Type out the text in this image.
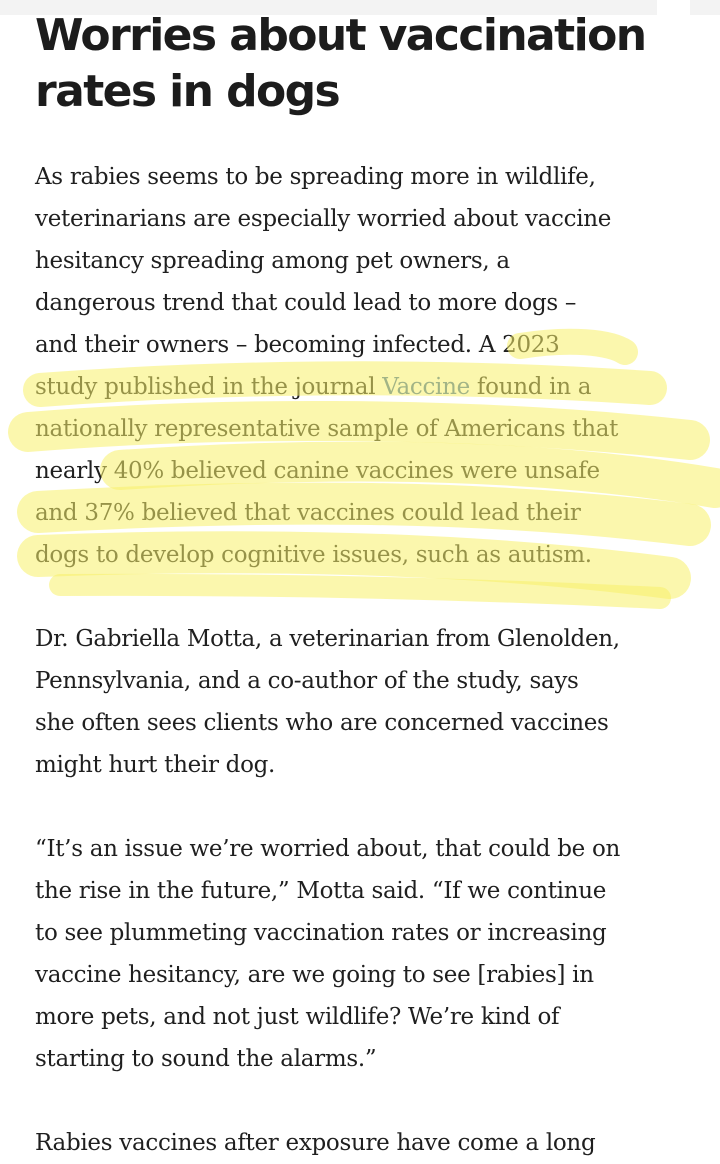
Worries about vaccination rates in dogs

As rabies seems to be spreading more in wildlife,
veterinarians are especially worried about vaccine
hesitancy spreading among pet owners, a
dangerous trend that could lead to more dogs –
and their owners – becoming infected. A 2023
study published in the journal Vaccine found in a
nationally representative sample of Americans that
nearly 40% believed canine vaccines were unsafe
and 37% believed that vaccines could lead their
dogs to develop cognitive issues, such as autism.

Dr. Gabriella Motta, a veterinarian from Glenolden,
Pennsylvania, and a co-author of the study, says
she often sees clients who are concerned vaccines
might hurt their dog.

“It’s an issue we’re worried about, that could be on
the rise in the future,” Motta said. “If we continue
to see plummeting vaccination rates or increasing
vaccine hesitancy, are we going to see [rabies] in
more pets, and not just wildlife? We’re kind of
starting to sound the alarms.”

Rabies vaccines after exposure have come a long
